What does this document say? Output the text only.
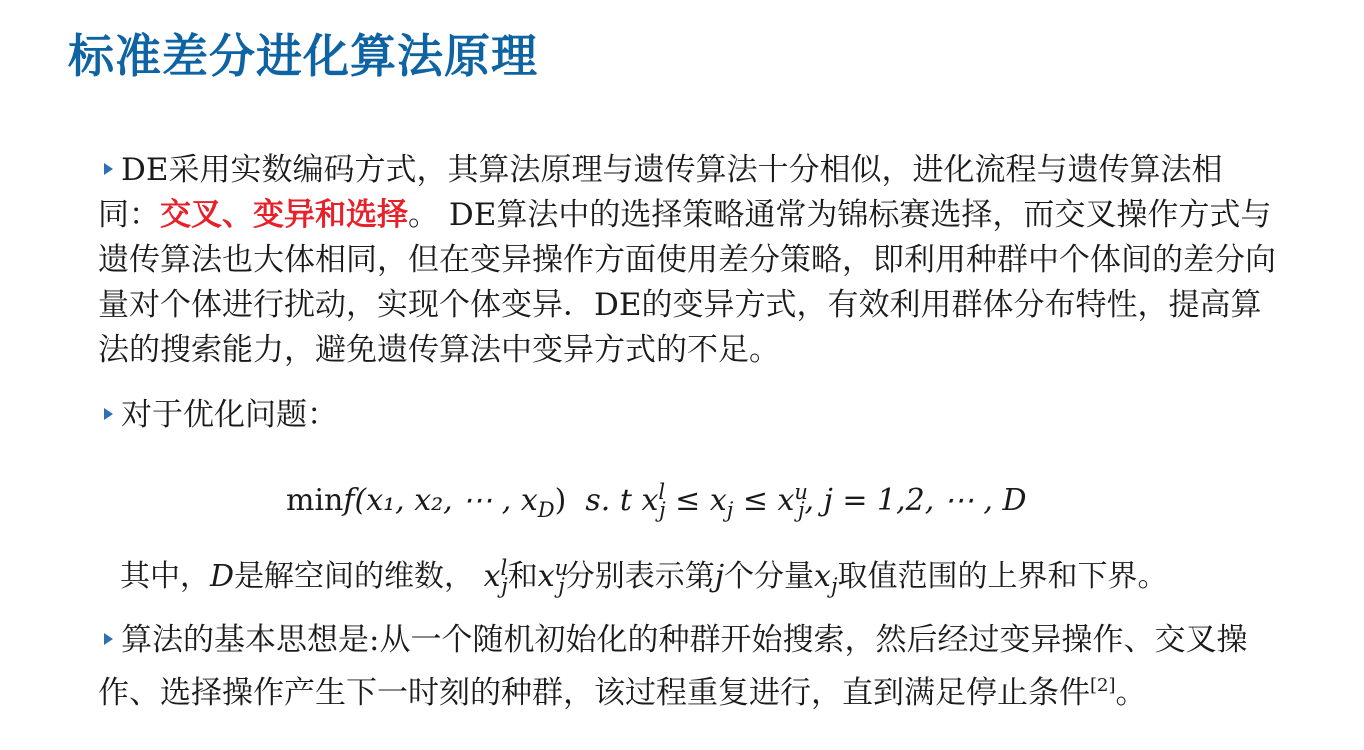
标准差分进化算法原理
DE采用实数编码方式，其算法原理与遗传算法十分相似，进化流程与遗传算法相同：交叉、变异和选择。 DE算法中的选择策略通常为锦标赛选择，而交叉操作方式与遗传算法也大体相同，但在变异操作方面使用差分策略，即利用种群中个体间的差分向量对个体进行扰动，实现个体变异．DE的变异方式，有效利用群体分布特性，提高算法的搜索能力，避免遗传算法中变异方式的不足。
对于优化问题：
minf(x₁, x₂, ⋯ , $x_D$) s. t $x^l_j \le x_j \le x^u_j$, j = 1,2, ⋯ , D
其中，D是解空间的维数， $x^l_j$和$x^u_j$分别表示第j个分量$x_j$取值范围的上界和下界。
算法的基本思想是:从一个随机初始化的种群开始搜索，然后经过变异操作、交叉操作、选择操作产生下一时刻的种群，该过程重复进行，直到满足停止条件[2]。
